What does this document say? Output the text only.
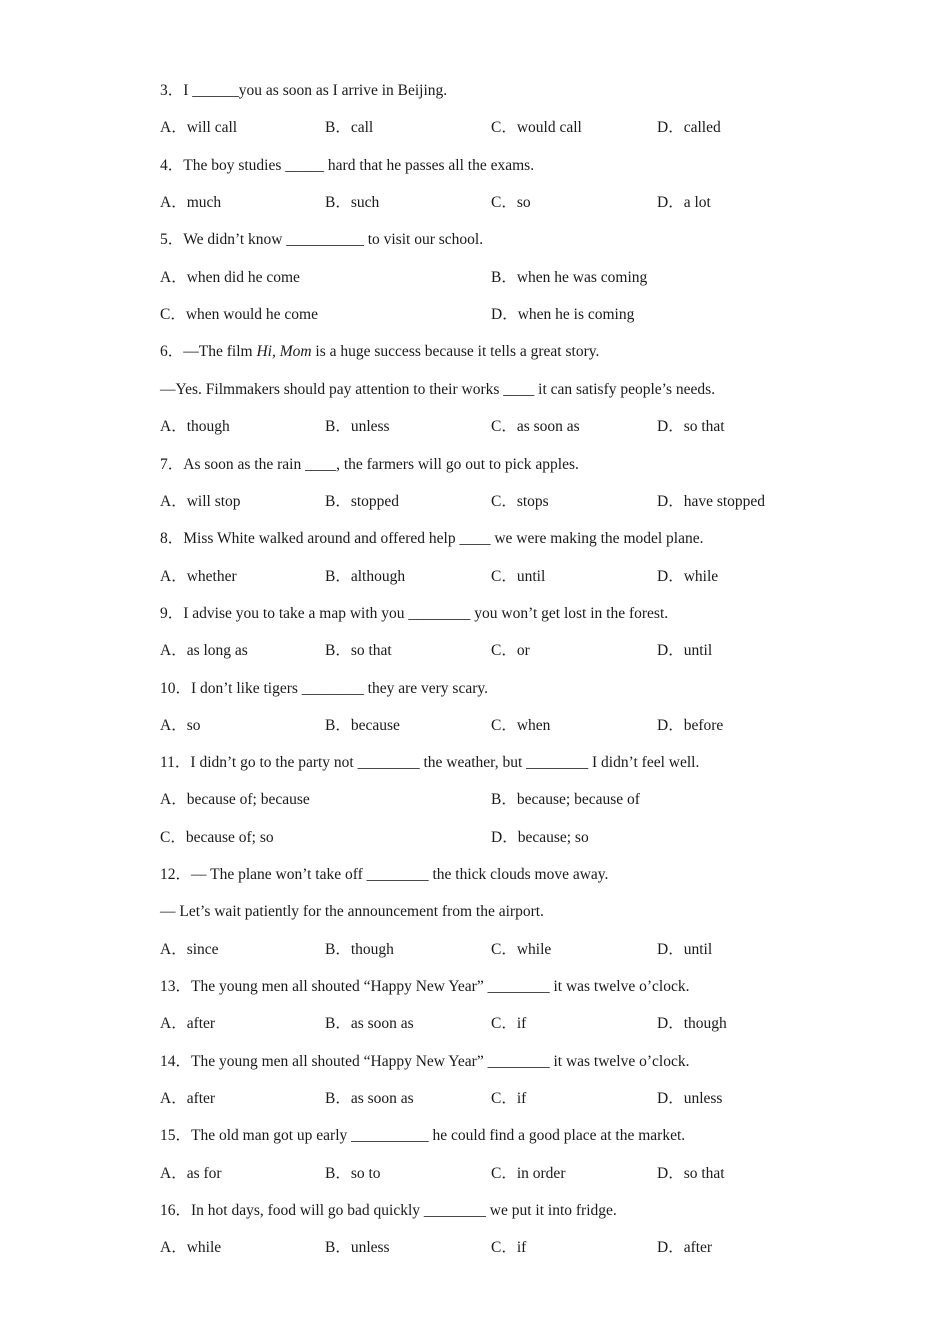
3．I ______you as soon as I arrive in Beijing.
A．will call	B．call	C．would call	D．called
4．The boy studies _____ hard that he passes all the exams.
A．much	B．such	C．so	D．a lot
5．We didn’t know __________ to visit our school.
A．when did he come	B．when he was coming
C．when would he come	D．when he is coming
6．—The film Hi, Mom is a huge success because it tells a great story.
—Yes. Filmmakers should pay attention to their works ____ it can satisfy people’s needs.
A．though	B．unless	C．as soon as	D．so that
7．As soon as the rain ____, the farmers will go out to pick apples.
A．will stop	B．stopped	C．stops	D．have stopped
8．Miss White walked around and offered help ____ we were making the model plane.
A．whether	B．although	C．until	D．while
9．I advise you to take a map with you ________ you won’t get lost in the forest.
A．as long as	B．so that	C．or	D．until
10．I don’t like tigers ________ they are very scary.
A．so	B．because	C．when	D．before
11．I didn’t go to the party not ________ the weather, but ________ I didn’t feel well.
A．because of; because	B．because; because of
C．because of; so	D．because; so
12．— The plane won’t take off ________ the thick clouds move away.
— Let’s wait patiently for the announcement from the airport.
A．since	B．though	C．while	D．until
13．The young men all shouted “Happy New Year” ________ it was twelve o’clock.
A．after	B．as soon as	C．if	D．though
14．The young men all shouted “Happy New Year” ________ it was twelve o’clock.
A．after	B．as soon as	C．if	D．unless
15．The old man got up early __________ he could find a good place at the market.
A．as for	B．so to	C．in order	D．so that
16．In hot days, food will go bad quickly ________ we put it into fridge.
A．while	B．unless	C．if	D．after
